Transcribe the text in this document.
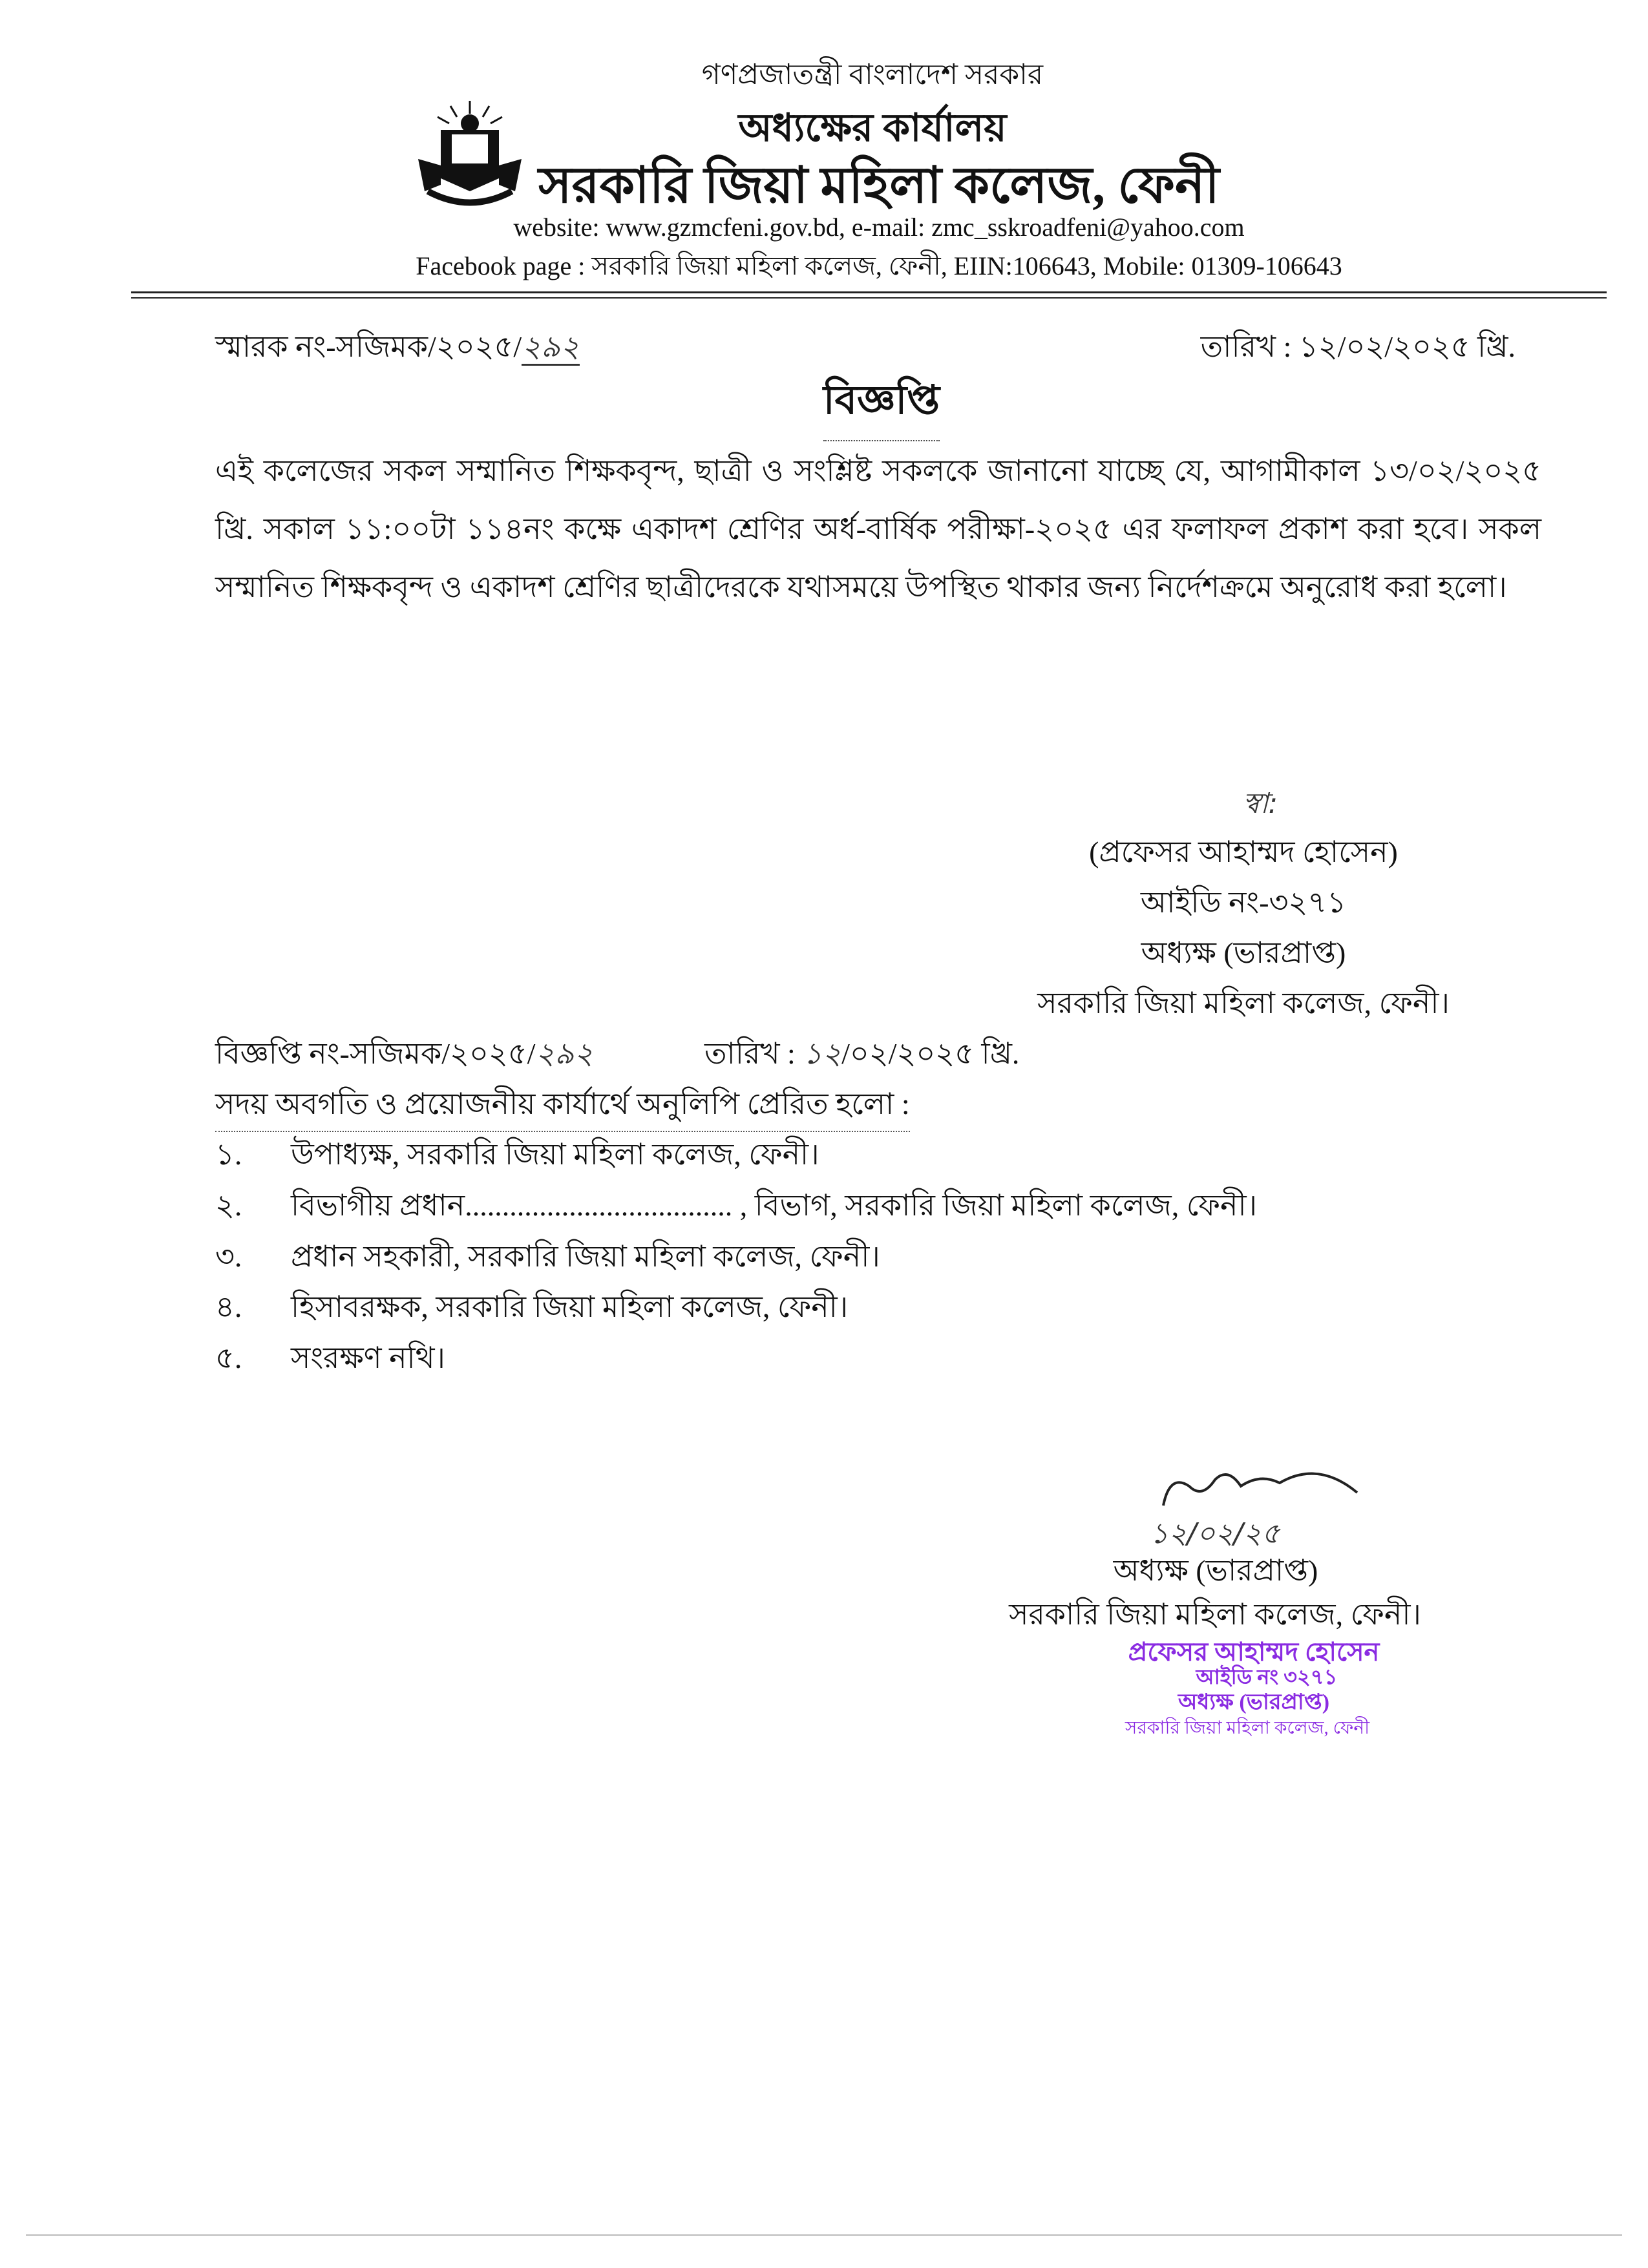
গণপ্রজাতন্ত্রী বাংলাদেশ সরকার
অধ্যক্ষের কার্যালয়
সরকারি জিয়া মহিলা কলেজ, ফেনী
website: www.gzmcfeni.gov.bd, e-mail: zmc_sskroadfeni@yahoo.com
Facebook page : সরকারি জিয়া মহিলা কলেজ, ফেনী, EIIN:106643, Mobile: 01309-106643
স্মারক নং-সজিমক/২০২৫/২৯২	তারিখ : ১২/০২/২০২৫ খ্রি.
বিজ্ঞপ্তি
এই কলেজের সকল সম্মানিত শিক্ষকবৃন্দ, ছাত্রী ও সংশ্লিষ্ট সকলকে জানানো যাচ্ছে যে, আগামীকাল ১৩/০২/২০২৫ খ্রি. সকাল ১১:০০টা ১১৪নং কক্ষে একাদশ শ্রেণির অর্ধ-বার্ষিক পরীক্ষা-২০২৫ এর ফলাফল প্রকাশ করা হবে। সকল সম্মানিত শিক্ষকবৃন্দ ও একাদশ শ্রেণির ছাত্রীদেরকে যথাসময়ে উপস্থিত থাকার জন্য নির্দেশক্রমে অনুরোধ করা হলো।
স্বা:
(প্রফেসর আহাম্মদ হোসেন)
আইডি নং-৩২৭১
অধ্যক্ষ (ভারপ্রাপ্ত)
সরকারি জিয়া মহিলা কলেজ, ফেনী।
বিজ্ঞপ্তি নং-সজিমক/২০২৫/২৯২	তারিখ : ১২/০২/২০২৫ খ্রি.
সদয় অবগতি ও প্রয়োজনীয় কার্যার্থে অনুলিপি প্রেরিত হলো :
১. উপাধ্যক্ষ, সরকারি জিয়া মহিলা কলেজ, ফেনী।
২. বিভাগীয় প্রধান.................................... , বিভাগ, সরকারি জিয়া মহিলা কলেজ, ফেনী।
৩. প্রধান সহকারী, সরকারি জিয়া মহিলা কলেজ, ফেনী।
৪. হিসাবরক্ষক, সরকারি জিয়া মহিলা কলেজ, ফেনী।
৫. সংরক্ষণ নথি।
১২/০২/২৫
অধ্যক্ষ (ভারপ্রাপ্ত)
সরকারি জিয়া মহিলা কলেজ, ফেনী।
প্রফেসর আহাম্মদ হোসেন
আইডি নং ৩২৭১
অধ্যক্ষ (ভারপ্রাপ্ত)
সরকারি জিয়া মহিলা কলেজ, ফেনী
